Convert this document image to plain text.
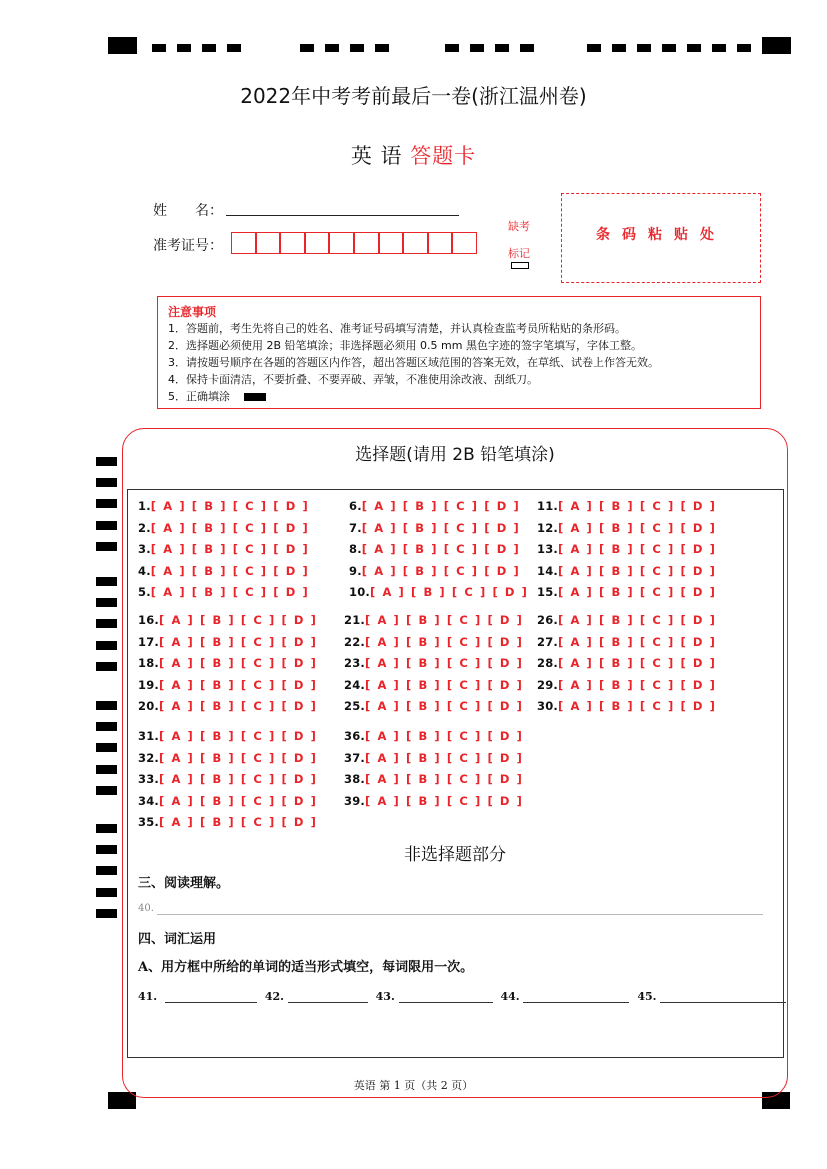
2022年中考考前最后一卷(浙江温州卷)
英 语 答题卡
姓　　名：
准考证号：
缺考
标记
条码粘贴处
注意事项
1．答题前，考生先将自己的姓名、准考证号码填写清楚，并认真检查监考员所粘贴的条形码。
2．选择题必须使用 2B 铅笔填涂；非选择题必须用 0.5 mm 黑色字迹的签字笔填写，字体工整。
3．请按题号顺序在各题的答题区内作答，超出答题区域范围的答案无效，在草纸、试卷上作答无效。
4．保持卡面清洁，不要折叠、不要弄破、弄皱，不准使用涂改液、刮纸刀。
5．正确填涂
选择题(请用 2B 铅笔填涂)
1.[ A ] [ B ] [ C ] [ D ]
2.[ A ] [ B ] [ C ] [ D ]
3.[ A ] [ B ] [ C ] [ D ]
4.[ A ] [ B ] [ C ] [ D ]
5.[ A ] [ B ] [ C ] [ D ]
6.[ A ] [ B ] [ C ] [ D ]
7.[ A ] [ B ] [ C ] [ D ]
8.[ A ] [ B ] [ C ] [ D ]
9.[ A ] [ B ] [ C ] [ D ]
10.[ A ] [ B ] [ C ] [ D ]
11.[ A ] [ B ] [ C ] [ D ]
12.[ A ] [ B ] [ C ] [ D ]
13.[ A ] [ B ] [ C ] [ D ]
14.[ A ] [ B ] [ C ] [ D ]
15.[ A ] [ B ] [ C ] [ D ]
16.[ A ] [ B ] [ C ] [ D ]
17.[ A ] [ B ] [ C ] [ D ]
18.[ A ] [ B ] [ C ] [ D ]
19.[ A ] [ B ] [ C ] [ D ]
20.[ A ] [ B ] [ C ] [ D ]
21.[ A ] [ B ] [ C ] [ D ]
22.[ A ] [ B ] [ C ] [ D ]
23.[ A ] [ B ] [ C ] [ D ]
24.[ A ] [ B ] [ C ] [ D ]
25.[ A ] [ B ] [ C ] [ D ]
26.[ A ] [ B ] [ C ] [ D ]
27.[ A ] [ B ] [ C ] [ D ]
28.[ A ] [ B ] [ C ] [ D ]
29.[ A ] [ B ] [ C ] [ D ]
30.[ A ] [ B ] [ C ] [ D ]
31.[ A ] [ B ] [ C ] [ D ]
32.[ A ] [ B ] [ C ] [ D ]
33.[ A ] [ B ] [ C ] [ D ]
34.[ A ] [ B ] [ C ] [ D ]
35.[ A ] [ B ] [ C ] [ D ]
36.[ A ] [ B ] [ C ] [ D ]
37.[ A ] [ B ] [ C ] [ D ]
38.[ A ] [ B ] [ C ] [ D ]
39.[ A ] [ B ] [ C ] [ D ]
非选择题部分
三、阅读理解。
40.
四、词汇运用
A、用方框中所给的单词的适当形式填空，每词限用一次。
41.	42.	43.	44.	45.
英语 第 1 页（共 2 页）
